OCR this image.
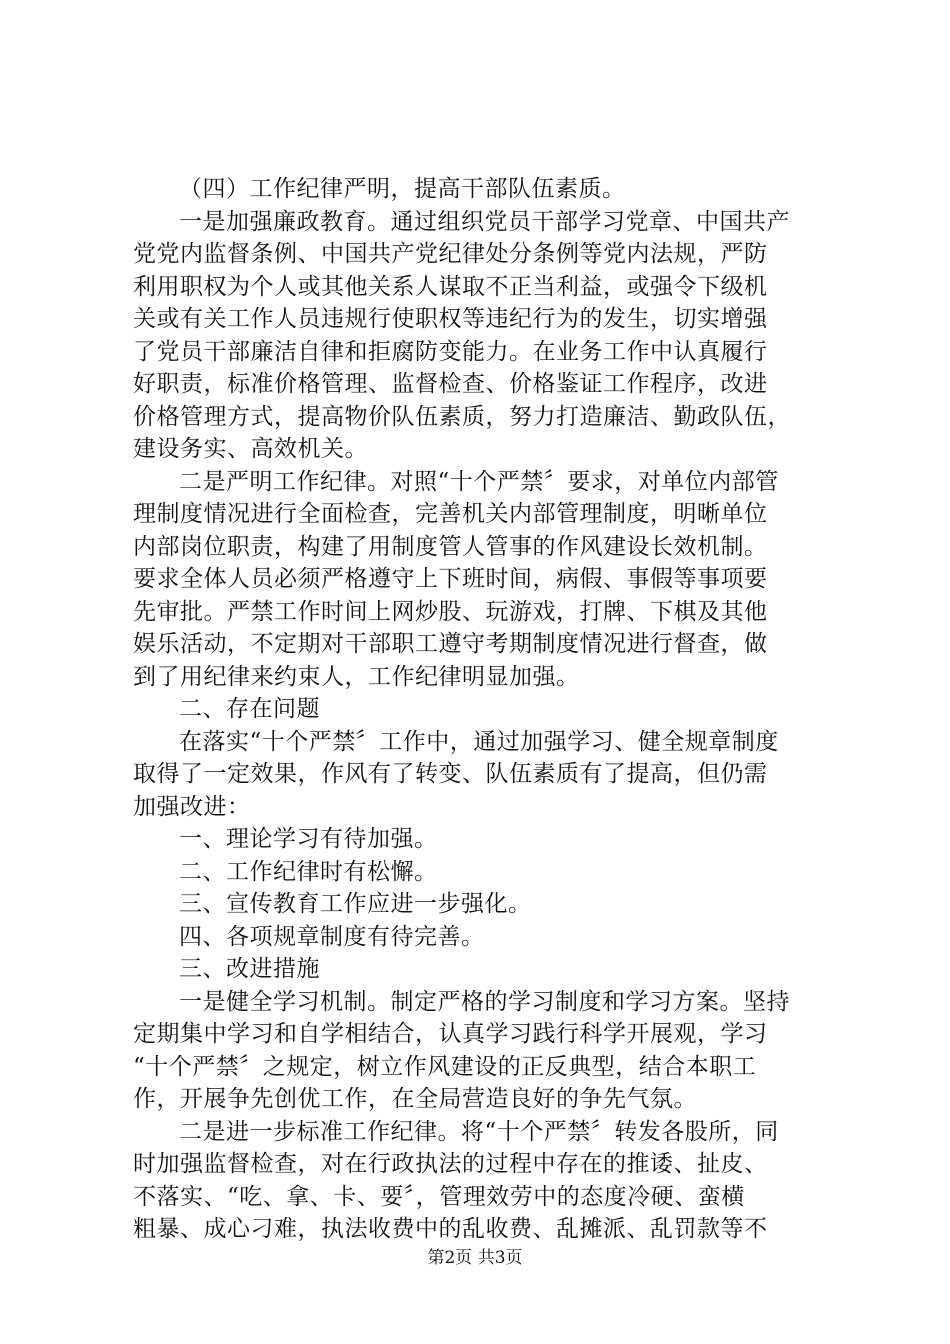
（四）工作纪律严明，提高干部队伍素质。
一是加强廉政教育。通过组织党员干部学习党章、中国共产
党党内监督条例、中国共产党纪律处分条例等党内法规，严防
利用职权为个人或其他关系人谋取不正当利益，或强令下级机
关或有关工作人员违规行使职权等违纪行为的发生，切实增强
了党员干部廉洁自律和拒腐防变能力。在业务工作中认真履行
好职责，标准价格管理、监督检查、价格鉴证工作程序，改进
价格管理方式，提高物价队伍素质，努力打造廉洁、勤政队伍，
建设务实、高效机关。
二是严明工作纪律。对照“十个严禁〞要求，对单位内部管
理制度情况进行全面检查，完善机关内部管理制度，明晰单位
内部岗位职责，构建了用制度管人管事的作风建设长效机制。
要求全体人员必须严格遵守上下班时间，病假、事假等事项要
先审批。严禁工作时间上网炒股、玩游戏，打牌、下棋及其他
娱乐活动，不定期对干部职工遵守考期制度情况进行督查，做
到了用纪律来约束人，工作纪律明显加强。
二、存在问题
在落实“十个严禁〞工作中，通过加强学习、健全规章制度
取得了一定效果，作风有了转变、队伍素质有了提高，但仍需
加强改进：
一、理论学习有待加强。
二、工作纪律时有松懈。
三、宣传教育工作应进一步强化。
四、各项规章制度有待完善。
三、改进措施
一是健全学习机制。制定严格的学习制度和学习方案。坚持
定期集中学习和自学相结合，认真学习践行科学开展观，学习
“十个严禁〞之规定，树立作风建设的正反典型，结合本职工
作，开展争先创优工作，在全局营造良好的争先气氛。
二是进一步标准工作纪律。将“十个严禁〞转发各股所，同
时加强监督检查，对在行政执法的过程中存在的推诿、扯皮、
不落实、“吃、拿、卡、要〞，管理效劳中的态度冷硬、蛮横
粗暴、成心刁难，执法收费中的乱收费、乱摊派、乱罚款等不
第2页 共3页
